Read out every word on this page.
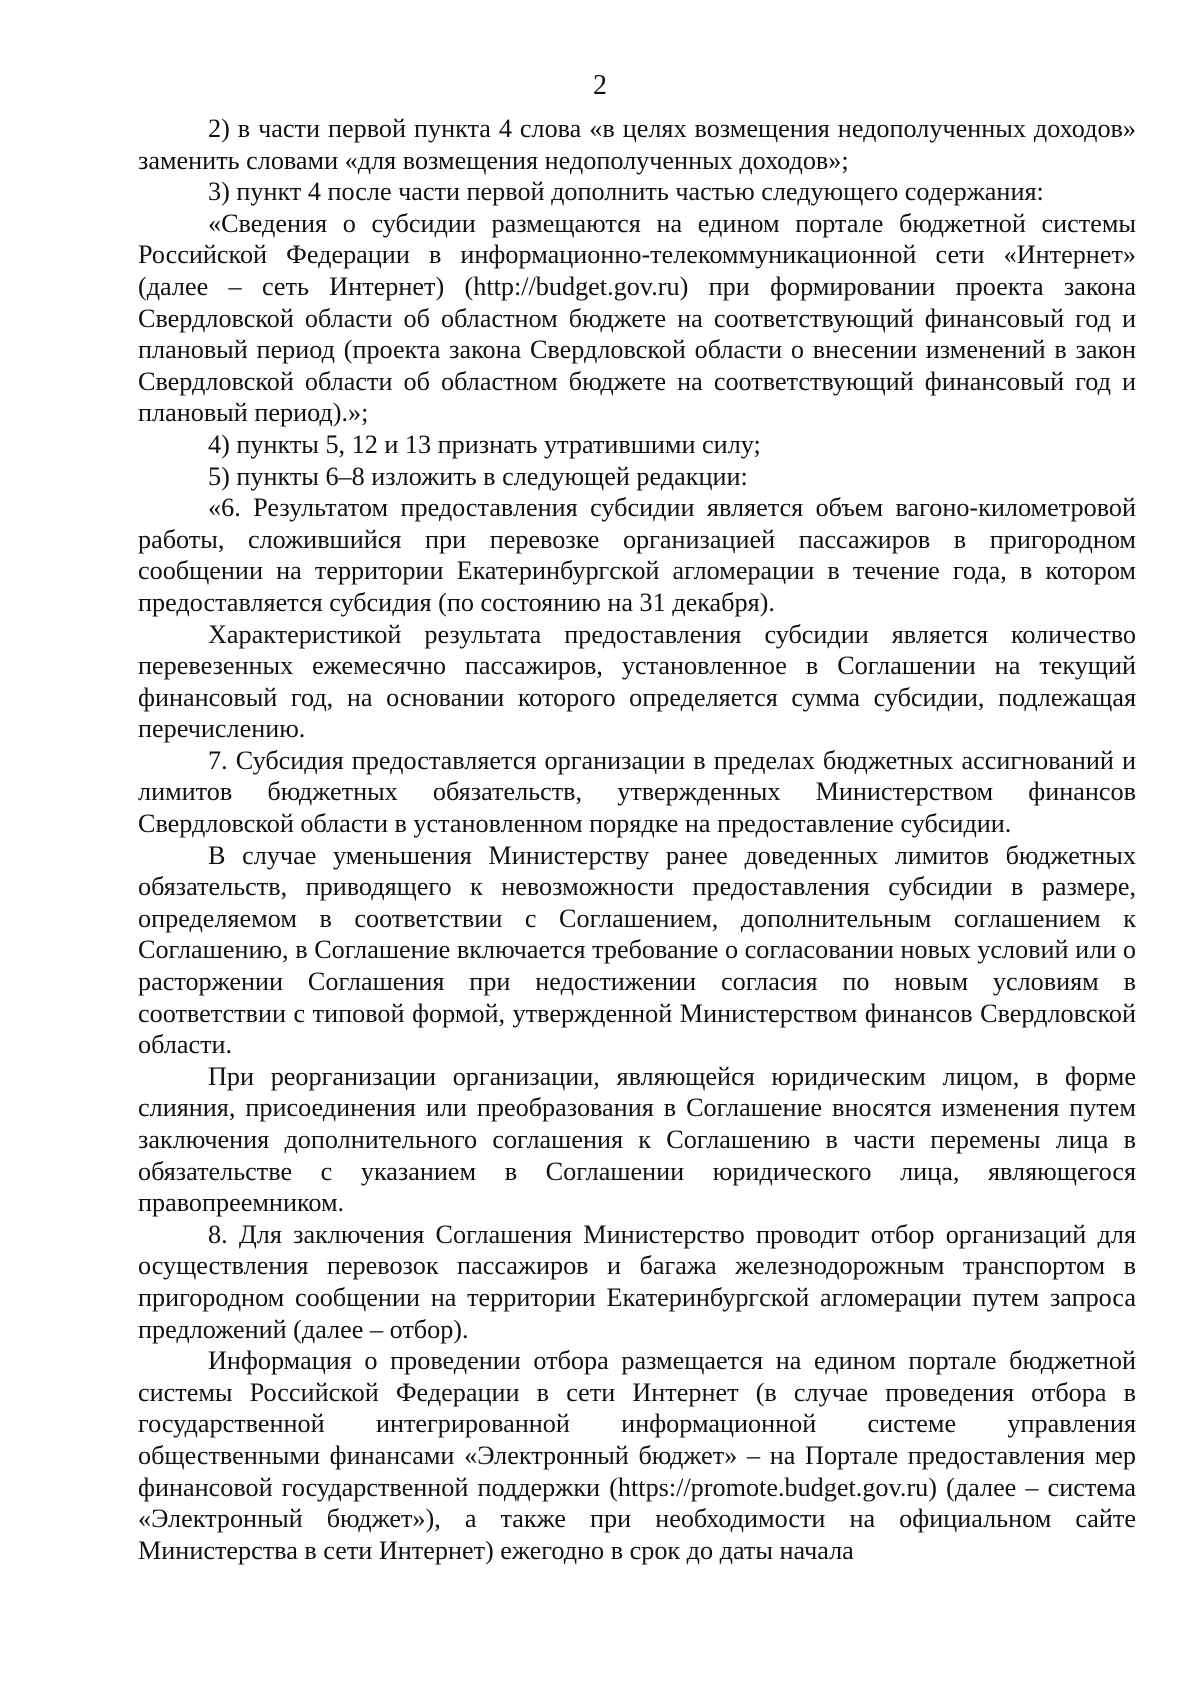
2

2) в части первой пункта 4 слова «в целях возмещения недополученных доходов» заменить словами «для возмещения недополученных доходов»;

3) пункт 4 после части первой дополнить частью следующего содержания:

«Сведения о субсидии размещаются на едином портале бюджетной системы Российской Федерации в информационно-телекоммуникационной сети «Интернет» (далее – сеть Интернет) (http://budget.gov.ru) при формировании проекта закона Свердловской области об областном бюджете на соответствующий финансовый год и плановый период (проекта закона Свердловской области о внесении изменений в закон Свердловской области об областном бюджете на соответствующий финансовый год и плановый период).»;

4) пункты 5, 12 и 13 признать утратившими силу;

5) пункты 6–8 изложить в следующей редакции:

«6. Результатом предоставления субсидии является объем вагоно-километровой работы, сложившийся при перевозке организацией пассажиров в пригородном сообщении на территории Екатеринбургской агломерации в течение года, в котором предоставляется субсидия (по состоянию на 31 декабря).

Характеристикой результата предоставления субсидии является количество перевезенных ежемесячно пассажиров, установленное в Соглашении на текущий финансовый год, на основании которого определяется сумма субсидии, подлежащая перечислению.

7. Субсидия предоставляется организации в пределах бюджетных ассигнований и лимитов бюджетных обязательств, утвержденных Министерством финансов Свердловской области в установленном порядке на предоставление субсидии.

В случае уменьшения Министерству ранее доведенных лимитов бюджетных обязательств, приводящего к невозможности предоставления субсидии в размере, определяемом в соответствии с Соглашением, дополнительным соглашением к Соглашению, в Соглашение включается требование о согласовании новых условий или о расторжении Соглашения при недостижении согласия по новым условиям в соответствии с типовой формой, утвержденной Министерством финансов Свердловской области.

При реорганизации организации, являющейся юридическим лицом, в форме слияния, присоединения или преобразования в Соглашение вносятся изменения путем заключения дополнительного соглашения к Соглашению в части перемены лица в обязательстве с указанием в Соглашении юридического лица, являющегося правопреемником.

8. Для заключения Соглашения Министерство проводит отбор организаций для осуществления перевозок пассажиров и багажа железнодорожным транспортом в пригородном сообщении на территории Екатеринбургской агломерации путем запроса предложений (далее – отбор).

Информация о проведении отбора размещается на едином портале бюджетной системы Российской Федерации в сети Интернет (в случае проведения отбора в государственной интегрированной информационной системе управления общественными финансами «Электронный бюджет» – на Портале предоставления мер финансовой государственной поддержки (https://promote.budget.gov.ru) (далее – система «Электронный бюджет»), а также при необходимости на официальном сайте Министерства в сети Интернет) ежегодно в срок до даты начала
